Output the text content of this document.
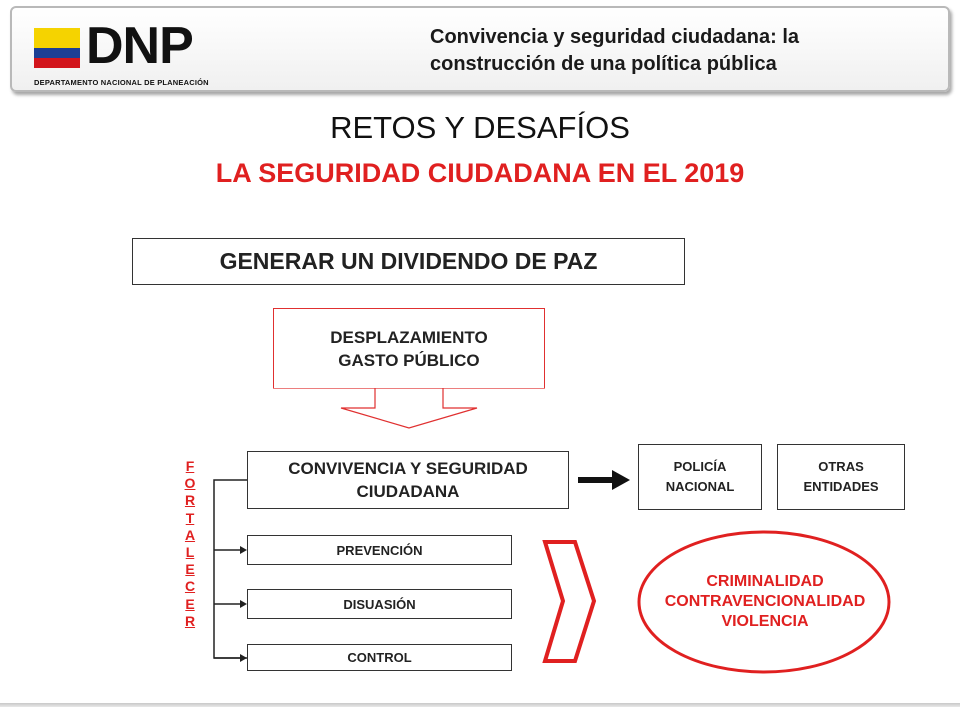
DNP
DEPARTAMENTO NACIONAL DE PLANEACIÓN
Convivencia y seguridad ciudadana: la
construcción de una política pública
RETOS Y DESAFÍOS
LA SEGURIDAD CIUDADANA EN EL 2019
GENERAR UN DIVIDENDO DE PAZ
DESPLAZAMIENTO
GASTO PÚBLICO
F
O
R
T
A
L
E
C
E
R
CONVIVENCIA Y SEGURIDAD
CIUDADANA
POLICÍA
NACIONAL
OTRAS
ENTIDADES
PREVENCIÓN
DISUASIÓN
CONTROL
CRIMINALIDAD
CONTRAVENCIONALIDAD
VIOLENCIA
